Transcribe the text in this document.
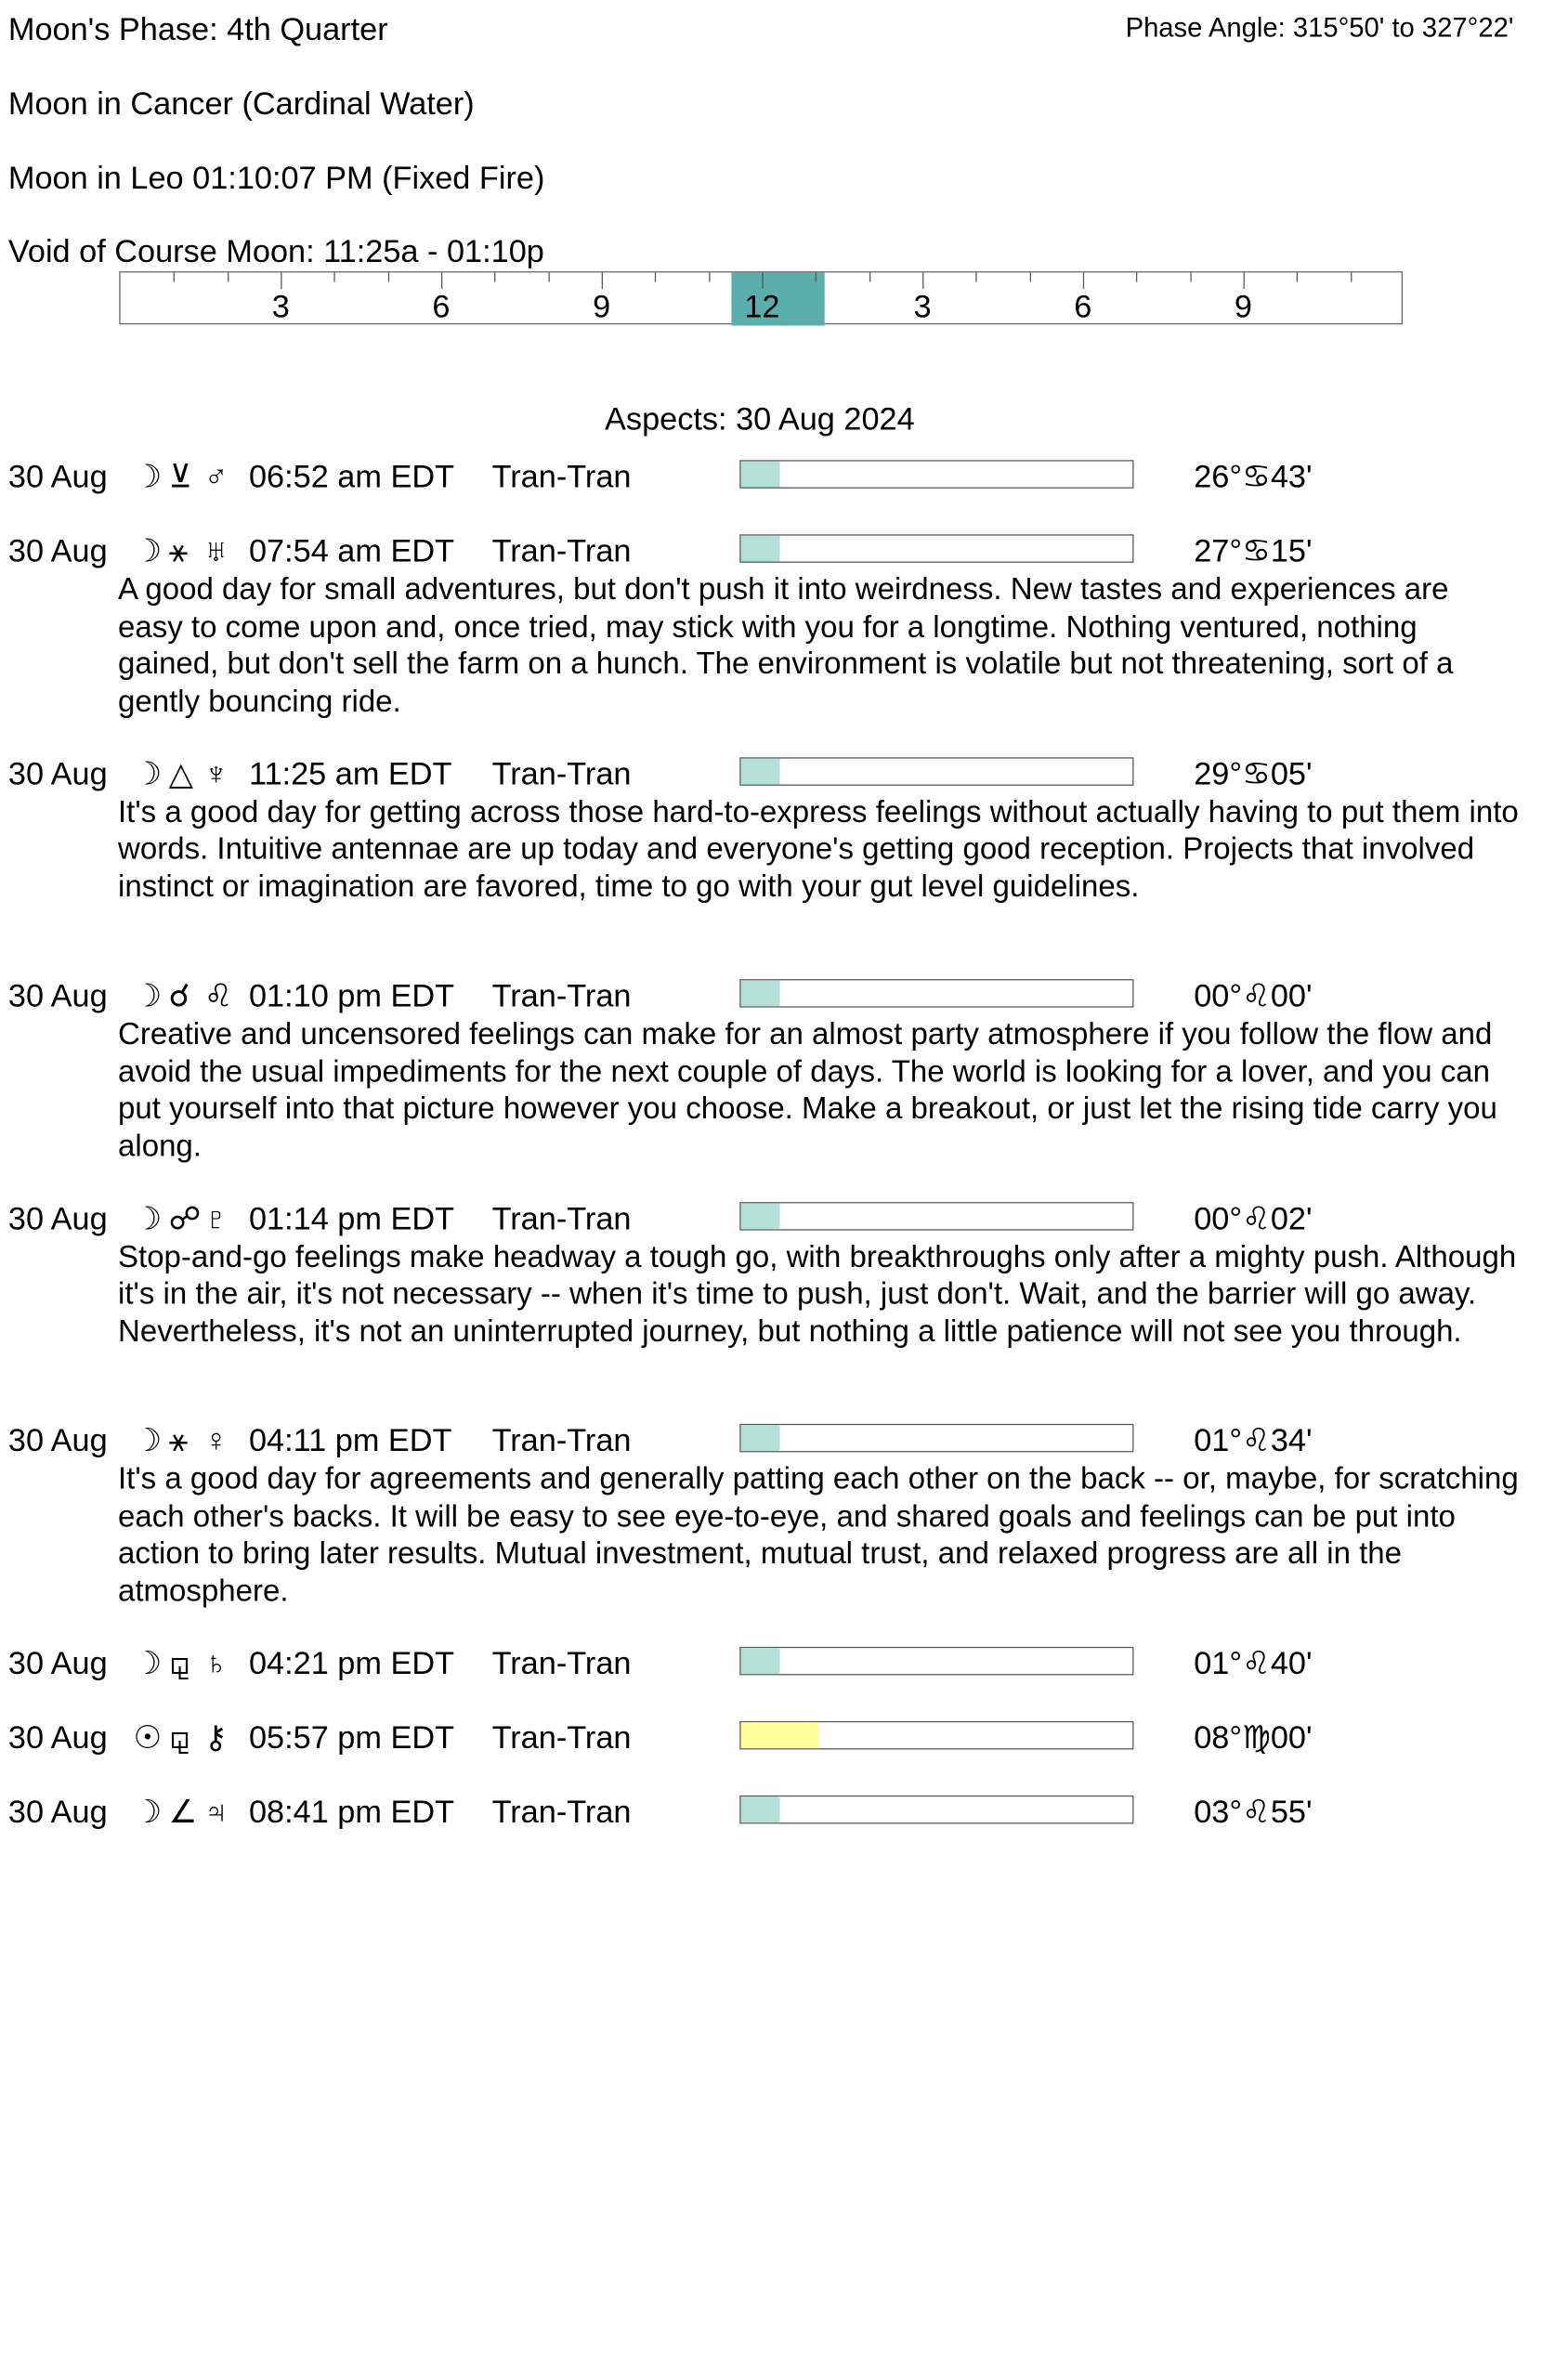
Moon's Phase: 4th Quarter	Phase Angle: 315°50' to 327°22'
Moon in Cancer (Cardinal Water)
Moon in Leo 01:10:07 PM (Fixed Fire)
Void of Course Moon: 11:25a - 01:10p
3	6	9	12	3	6	9
Aspects: 30 Aug 2024
30 Aug ☽ ⊻ ♂ 06:52 am EDT Tran-Tran	26°♋43'
30 Aug ☽ ⚹ ♅ 07:54 am EDT Tran-Tran	27°♋15'
A good day for small adventures, but don't push it into weirdness. New tastes and experiences are easy to come upon and, once tried, may stick with you for a longtime. Nothing ventured, nothing gained, but don't sell the farm on a hunch. The environment is volatile but not threatening, sort of a gently bouncing ride.
30 Aug ☽ △ ♆ 11:25 am EDT Tran-Tran	29°♋05'
It's a good day for getting across those hard-to-express feelings without actually having to put them into words. Intuitive antennae are up today and everyone's getting good reception. Projects that involved instinct or imagination are favored, time to go with your gut level guidelines.
30 Aug ☽ ☌ ♌ 01:10 pm EDT Tran-Tran	00°♌00'
Creative and uncensored feelings can make for an almost party atmosphere if you follow the flow and avoid the usual impediments for the next couple of days. The world is looking for a lover, and you can put yourself into that picture however you choose. Make a breakout, or just let the rising tide carry you along.
30 Aug ☽ ☍ ♇ 01:14 pm EDT Tran-Tran	00°♌02'
Stop-and-go feelings make headway a tough go, with breakthroughs only after a mighty push. Although it's in the air, it's not necessary -- when it's time to push, just don't. Wait, and the barrier will go away. Nevertheless, it's not an uninterrupted journey, but nothing a little patience will not see you through.
30 Aug ☽ ⚹ ♀ 04:11 pm EDT Tran-Tran	01°♌34'
It's a good day for agreements and generally patting each other on the back -- or, maybe, for scratching each other's backs. It will be easy to see eye-to-eye, and shared goals and feelings can be put into action to bring later results. Mutual investment, mutual trust, and relaxed progress are all in the atmosphere.
30 Aug ☽ ⚼ ♄ 04:21 pm EDT Tran-Tran	01°♌40'
30 Aug ☉ ⚼ ⚷ 05:57 pm EDT Tran-Tran	08°♍00'
30 Aug ☽ ∠ ♃ 08:41 pm EDT Tran-Tran	03°♌55'
